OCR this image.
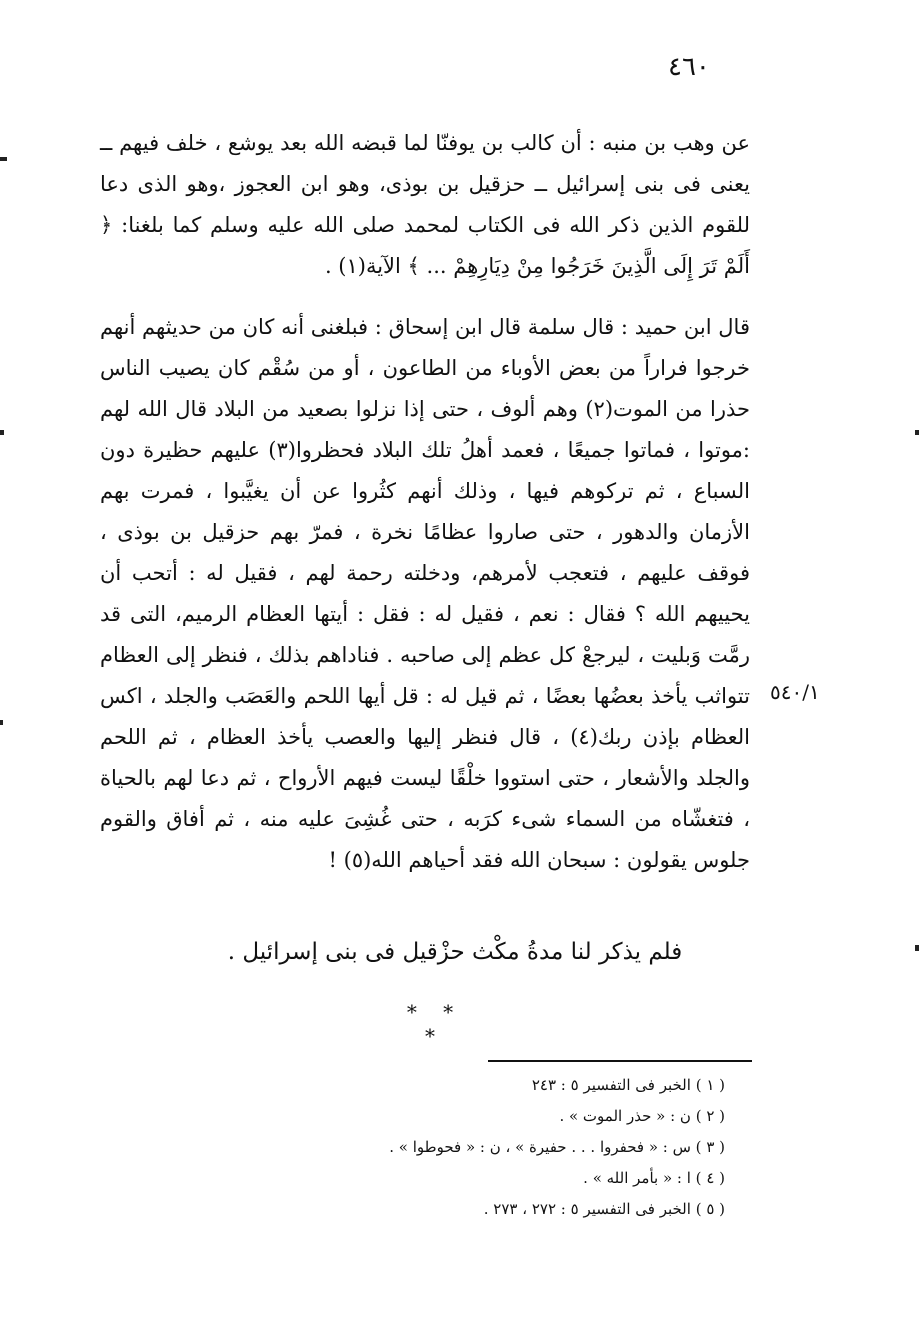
٤٦٠

عن وهب بن منبه : أن كالب بن يوفنّا لما قبضه الله بعد يوشع ، خلف فيهم ــ يعنى فى بنى إسرائيل ــ حزقيل بن بوذى، وهو ابن العجوز ،وهو الذى دعا للقوم الذين ذكر الله فى الكتاب لمحمد صلى الله عليه وسلم كما بلغنا: ﴿ أَلَمْ تَرَ إِلَى الَّذِينَ خَرَجُوا مِنْ دِيَارِهِمْ ... ﴾ الآية(١) .

قال ابن حميد : قال سلمة قال ابن إسحاق : فبلغنى أنه كان من حديثهم أنهم خرجوا فراراً من بعض الأوباء من الطاعون ، أو من سُقْم كان يصيب الناس حذرا من الموت(٢) وهم ألوف ، حتى إذا نزلوا بصعيد من البلاد قال الله لهم :موتوا ، فماتوا جميعًا ، فعمد أهلُ تلك البلاد فحظروا(٣) عليهم حظيرة دون السباع ، ثم تركوهم فيها ، وذلك أنهم كثُروا عن أن يغيَّبوا ، فمرت بهم الأزمان والدهور ، حتى صاروا عظامًا نخرة ، فمرّ بهم حزقيل بن بوذى ، فوقف عليهم ، فتعجب لأمرهم، ودخلته رحمة لهم ، فقيل له : أتحب أن يحييهم الله ؟ فقال : نعم ، فقيل له : فقل : أيتها العظام الرميم، التى قد رمَّت وَبليت ، ليرجعْ كل عظم إلى صاحبه . فناداهم بذلك ، فنظر إلى العظام تتواثب يأخذ بعضُها بعضًا ، ثم قيل له : قل أيها اللحم والعَصَب والجلد ، اكس العظام بإذن ربك(٤) ، قال فنظر إليها والعصب يأخذ العظام ، ثم اللحم والجلد والأشعار ، حتى استووا خلْقًا ليست فيهم الأرواح ، ثم دعا لهم بالحياة ، فتغشّاه من السماء شىء كرَبه ، حتى غُشِىَ عليه منه ، ثم أفاق والقوم جلوس يقولون : سبحان الله فقد أحياهم الله(٥) !

٥٤٠/١
فلم يذكر لنا مدةُ مكْث حزْقيل فى بنى إسرائيل .
* * *
( ١ ) الخبر فى التفسير ٥ : ٢٤٣
( ٢ ) ن : « حذر الموت » .
( ٣ ) س : « فحفروا . . . حفيرة » ، ن : « فحوطوا » .
( ٤ ) ا : « بأمر الله » .
( ٥ ) الخبر فى التفسير ٥ : ٢٧٢ ، ٢٧٣ .
